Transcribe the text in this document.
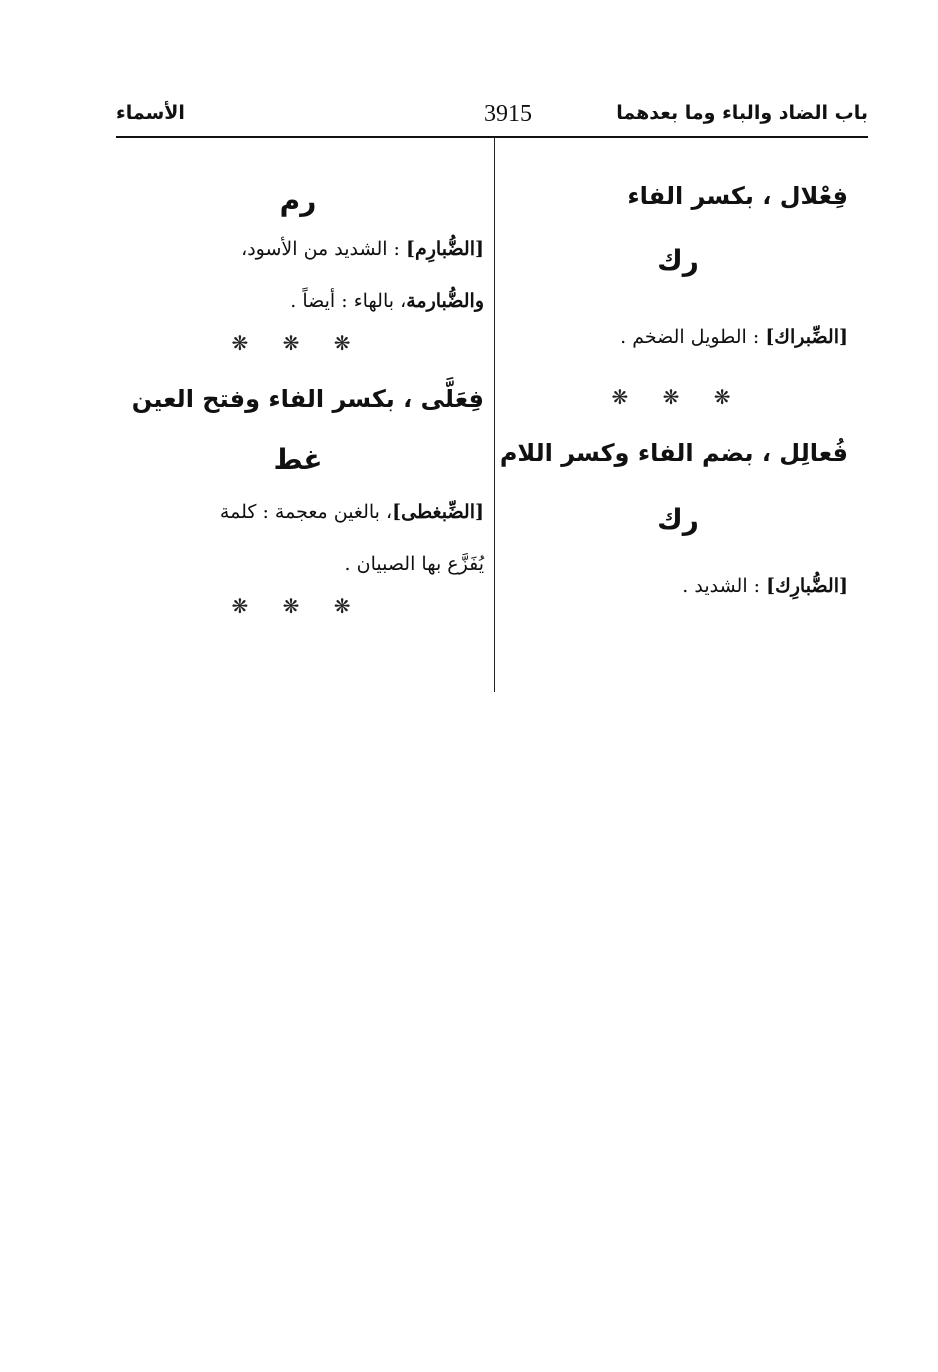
باب الضاد والباء وما بعدهما
3915
الأسماء

فِعْلال ، بكسر الفاء

رك

[الضِّبراك] : الطويل الضخم .

❋ ❋ ❋

فُعالِل ، بضم الفاء وكسر اللام

رك

[الضُّبارِك] : الشديد .

رم

[الضُّبارِم] : الشديد من الأسود،

والضُّبارمة، بالهاء : أيضاً .

❋ ❋ ❋

فِعَلَّى ، بكسر الفاء وفتح العين

غط

[الضِّبغطى]، بالغين معجمة : كلمة

يُفَزَّع بها الصبيان .

❋ ❋ ❋
